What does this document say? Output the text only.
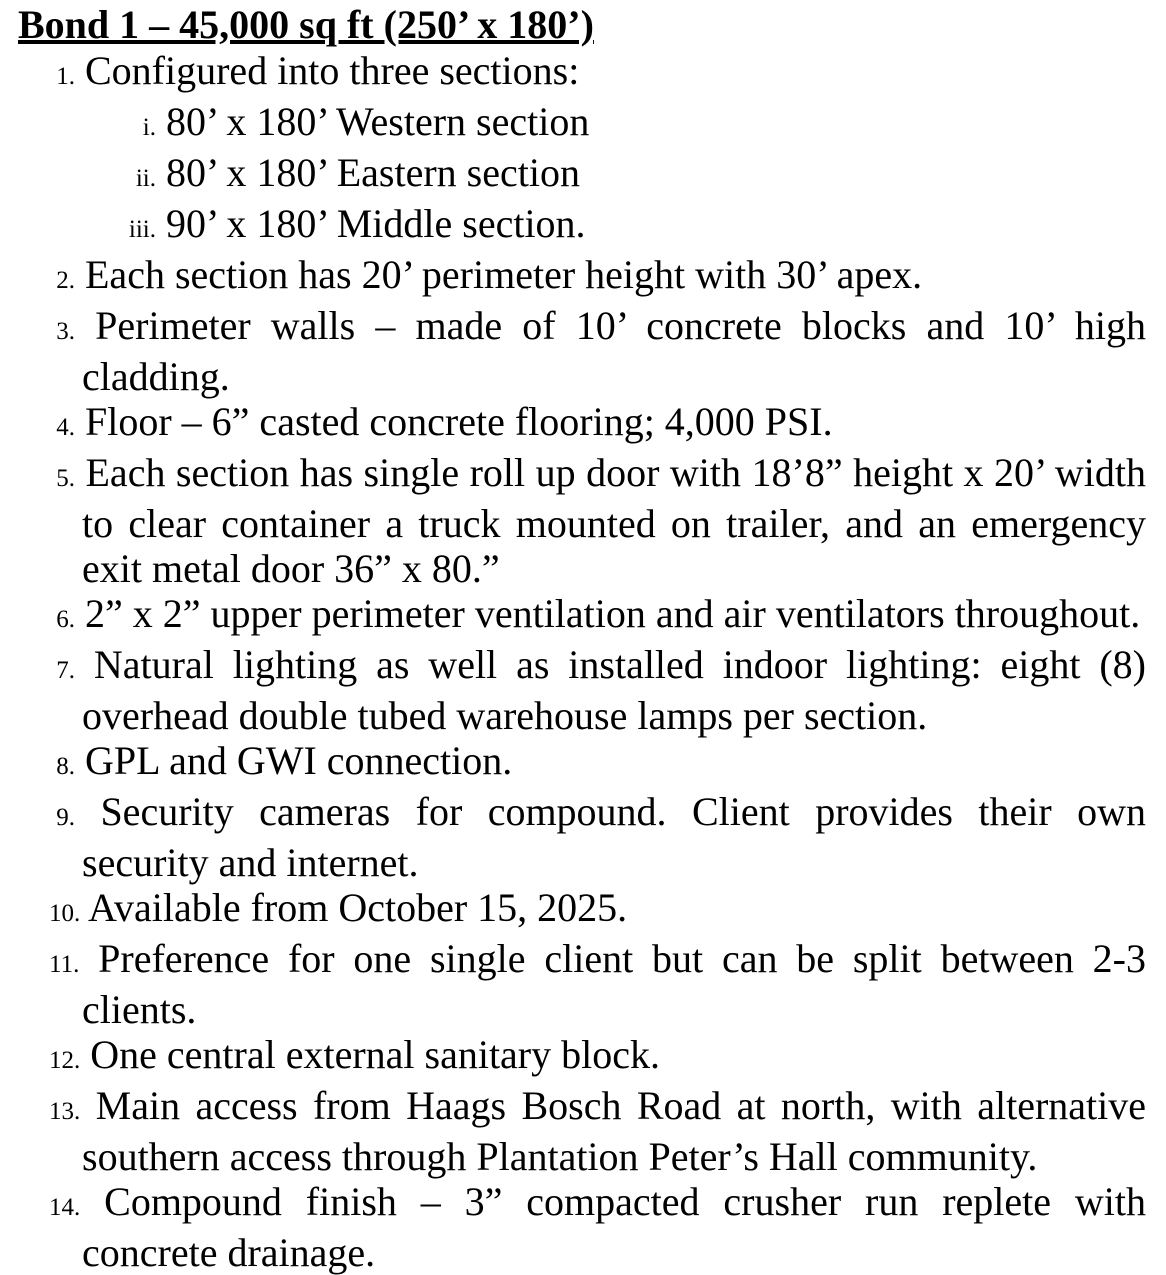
Bond 1 – 45,000 sq ft (250’ x 180’)

1. Configured into three sections:

i. 80’ x 180’ Western section

ii. 80’ x 180’ Eastern section

iii. 90’ x 180’ Middle section.

2. Each section has 20’ perimeter height with 30’ apex.

3. Perimeter walls – made of 10’ concrete blocks and 10’ high cladding.

4. Floor – 6” casted concrete flooring; 4,000 PSI.

5. Each section has single roll up door with 18’8” height x 20’ width to clear container a truck mounted on trailer, and an emergency exit metal door 36” x 80.”

6. 2” x 2” upper perimeter ventilation and air ventilators throughout.

7. Natural lighting as well as installed indoor lighting: eight (8) overhead double tubed warehouse lamps per section.

8. GPL and GWI connection.

9. Security cameras for compound. Client provides their own security and internet.

10. Available from October 15, 2025.

11. Preference for one single client but can be split between 2-3 clients.

12. One central external sanitary block.

13. Main access from Haags Bosch Road at north, with alternative southern access through Plantation Peter’s Hall community.

14. Compound finish – 3” compacted crusher run replete with concrete drainage.
